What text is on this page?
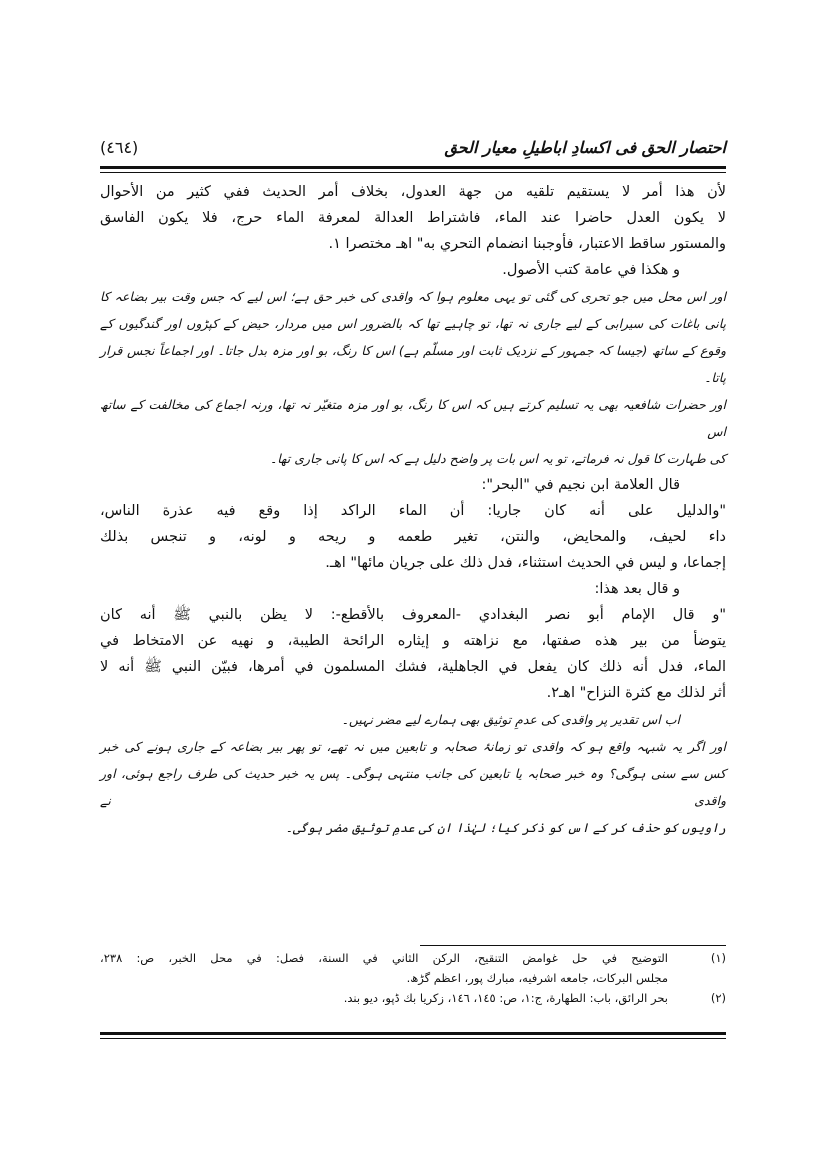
احتصار الحق فی اکسادِ اباطیلِ معیار الحق
(٤٦٤)
لأن هذا أمر لا يستقيم تلقيه من جهة العدول، بخلاف أمر الحديث ففي كثير من الأحوال
لا يكون العدل حاضرا عند الماء، فاشتراط العدالة لمعرفة الماء حرج، فلا يكون الفاسق
والمستور ساقط الاعتبار، فأوجبنا انضمام التحري به" اهـ مختصرا ١.
و هكذا في عامة كتب الأصول.
اور اس محل میں جو تحری کی گئی تو یہی معلوم ہوا کہ واقدی کی خبر حق ہے؛ اس لیے کہ جس وقت بیر بضاعہ کا
پانی باغات کی سیرابی کے لیے جاری نہ تھا، تو چاہیے تھا کہ بالضرور اس میں مردار، حیض کے کپڑوں اور گندگیوں کے
وقوع کے ساتھ (جیسا کہ جمہور کے نزدیک ثابت اور مسلّم ہے) اس کا رنگ، بو اور مزہ بدل جاتا۔ اور اجماعاً نجس قرار پاتا۔
اور حضرات شافعیہ بھی یہ تسلیم کرتے ہیں کہ اس کا رنگ، بو اور مزہ متغیّر نہ تھا، ورنہ اجماع کی مخالفت کے ساتھ اس
کی طہارت کا قول نہ فرماتے، تو یہ اس بات پر واضح دلیل ہے کہ اس کا پانی جاری تھا۔
قال العلامة ابن نجيم في "البحر":
"والدليل على أنه كان جاريا: أن الماء الراكد إذا وقع فيه عذرة الناس،
داء لحيف، والمحايض، والنتن، تغير طعمه و ريحه و لونه، و تنجس بذلك
إجماعا، و ليس في الحديث استثناء، فدل ذلك على جريان مائها" اهـ.
و قال بعد هذا:
"و قال الإمام أبو نصر البغدادي -المعروف بالأقطع-: لا يظن بالنبي ﷺ أنه كان
يتوضأ من بير هذه صفتها، مع نزاهته و إيثاره الرائحة الطيبة، و نهيه عن الامتخاط في
الماء، فدل أنه ذلك كان يفعل في الجاهلية، فشك المسلمون في أمرها، فبيّن النبي ﷺ أنه لا
أثر لذلك مع كثرة النزاح" اهـ٢.
اب اس تقدیر پر واقدی کی عدمِ توثیق بھی ہمارے لیے مضر نہیں۔
اور اگر یہ شبہہ واقع ہو کہ واقدی تو زمانۂ صحابہ و تابعین میں نہ تھے، تو پھر بیر بضاعہ کے جاری ہونے کی خبر
کس سے سنی ہوگی؟ وہ خبر صحابہ یا تابعین کی جانب منتہی ہوگی۔ پس یہ خبر حدیث کی طرف راجع ہوئی، اور واقدی نے
راویوں کو حذف کر کے اس کو ذکر کیا؛ لہٰذا ان کی عدمِ توثیق مضر ہوگی۔
(١)
التوضيح في حل غوامض التنقيح، الركن الثاني في السنة، فصل: في محل الخبر، ص: ٢٣٨،
مجلس البركات، جامعه اشرفيه، مبارك پور، اعظم گڑھ.
(٢)
بحر الرائق، باب: الطهارة، ج:١، ص: ١٤٥، ١٤٦، زكريا بك ڈپو، ديو بند.
